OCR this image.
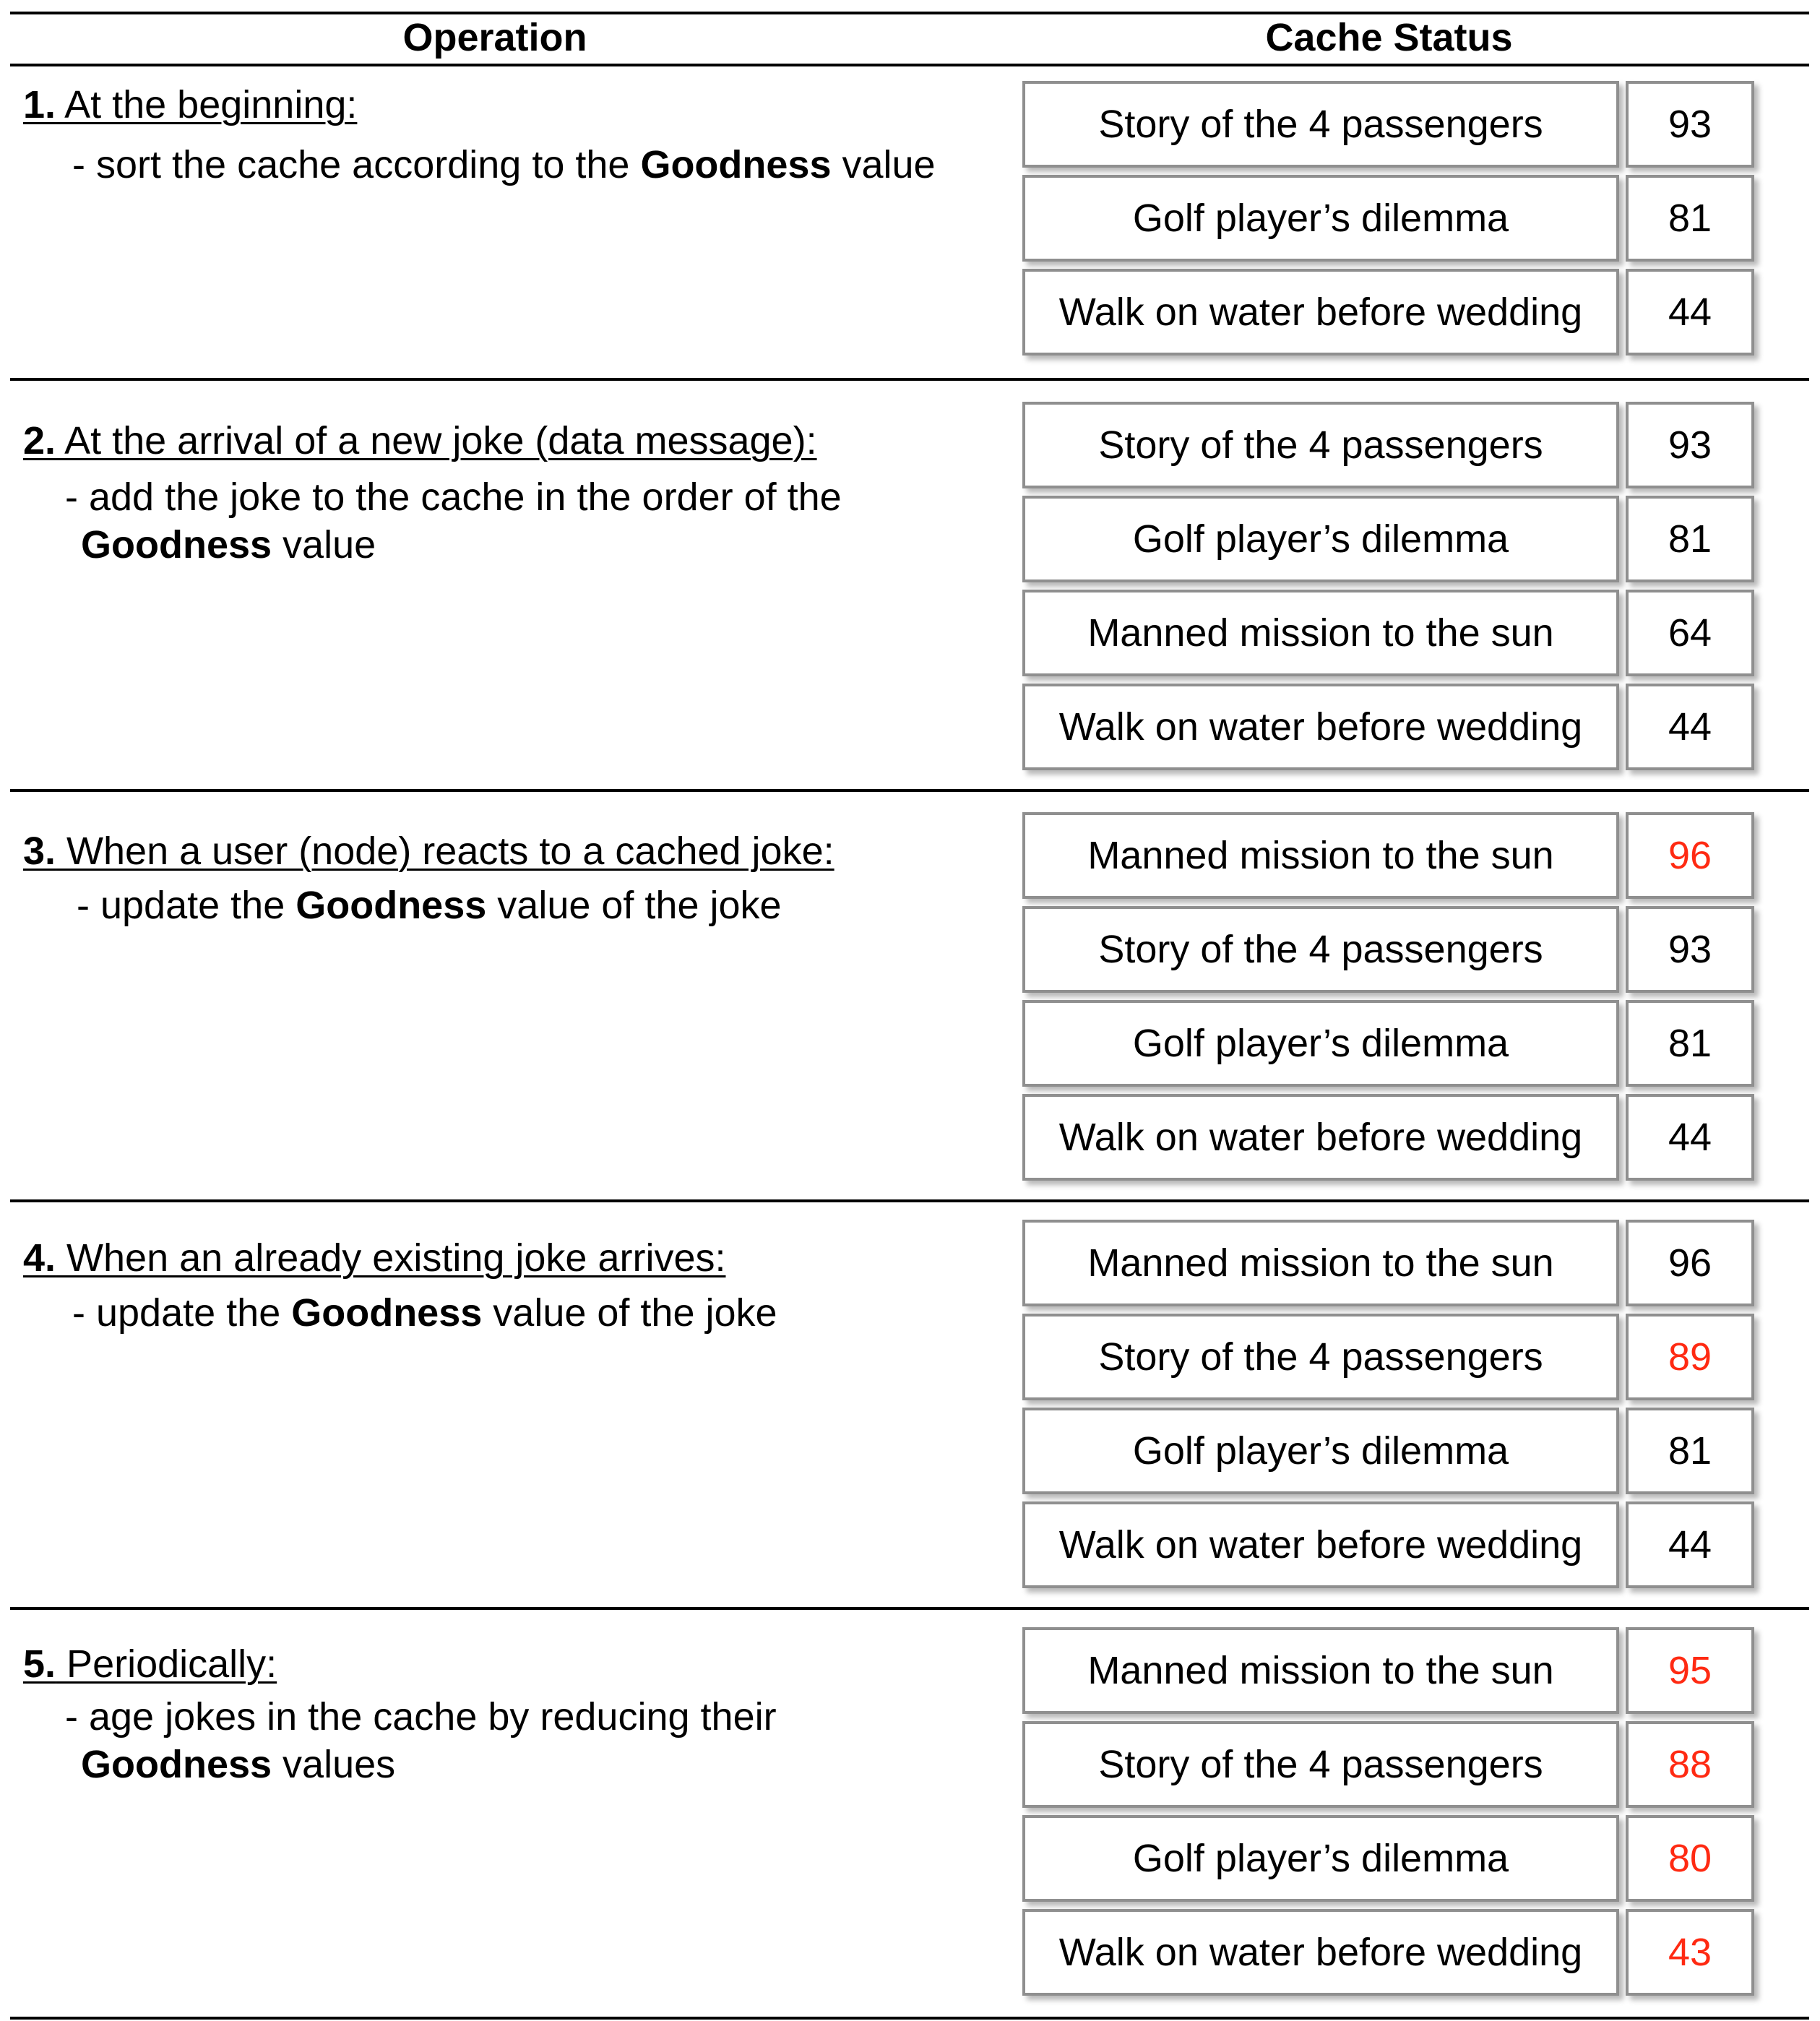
Operation	Cache Status
1. At the beginning:
- sort the cache according to the Goodness value
Story of the 4 passengers	93
Golf player’s dilemma	81
Walk on water before wedding	44
2. At the arrival of a new joke (data message):
- add the joke to the cache in the order of the
Goodness value
Story of the 4 passengers	93
Golf player’s dilemma	81
Manned mission to the sun	64
Walk on water before wedding	44
3. When a user (node) reacts to a cached joke:
- update the Goodness value of the joke
Manned mission to the sun	96
Story of the 4 passengers	93
Golf player’s dilemma	81
Walk on water before wedding	44
4. When an already existing joke arrives:
- update the Goodness value of the joke
Manned mission to the sun	96
Story of the 4 passengers	89
Golf player’s dilemma	81
Walk on water before wedding	44
5. Periodically:
- age jokes in the cache by reducing their
Goodness values
Manned mission to the sun	95
Story of the 4 passengers	88
Golf player’s dilemma	80
Walk on water before wedding	43
